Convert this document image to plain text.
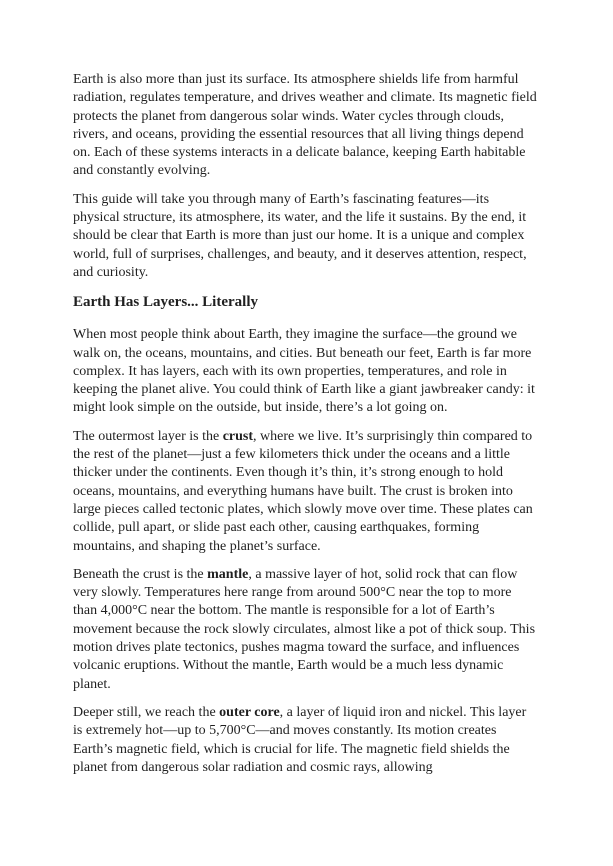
Earth is also more than just its surface. Its atmosphere shields life from harmful radiation, regulates temperature, and drives weather and climate. Its magnetic field protects the planet from dangerous solar winds. Water cycles through clouds, rivers, and oceans, providing the essential resources that all living things depend on. Each of these systems interacts in a delicate balance, keeping Earth habitable and constantly evolving.

This guide will take you through many of Earth’s fascinating features—its physical structure, its atmosphere, its water, and the life it sustains. By the end, it should be clear that Earth is more than just our home. It is a unique and complex world, full of surprises, challenges, and beauty, and it deserves attention, respect, and curiosity.

Earth Has Layers... Literally

When most people think about Earth, they imagine the surface—the ground we walk on, the oceans, mountains, and cities. But beneath our feet, Earth is far more complex. It has layers, each with its own properties, temperatures, and role in keeping the planet alive. You could think of Earth like a giant jawbreaker candy: it might look simple on the outside, but inside, there’s a lot going on.

The outermost layer is the crust, where we live. It’s surprisingly thin compared to the rest of the planet—just a few kilometers thick under the oceans and a little thicker under the continents. Even though it’s thin, it’s strong enough to hold oceans, mountains, and everything humans have built. The crust is broken into large pieces called tectonic plates, which slowly move over time. These plates can collide, pull apart, or slide past each other, causing earthquakes, forming mountains, and shaping the planet’s surface.

Beneath the crust is the mantle, a massive layer of hot, solid rock that can flow very slowly. Temperatures here range from around 500°C near the top to more than 4,000°C near the bottom. The mantle is responsible for a lot of Earth’s movement because the rock slowly circulates, almost like a pot of thick soup. This motion drives plate tectonics, pushes magma toward the surface, and influences volcanic eruptions. Without the mantle, Earth would be a much less dynamic planet.

Deeper still, we reach the outer core, a layer of liquid iron and nickel. This layer is extremely hot—up to 5,700°C—and moves constantly. Its motion creates Earth’s magnetic field, which is crucial for life. The magnetic field shields the planet from dangerous solar radiation and cosmic rays, allowing
